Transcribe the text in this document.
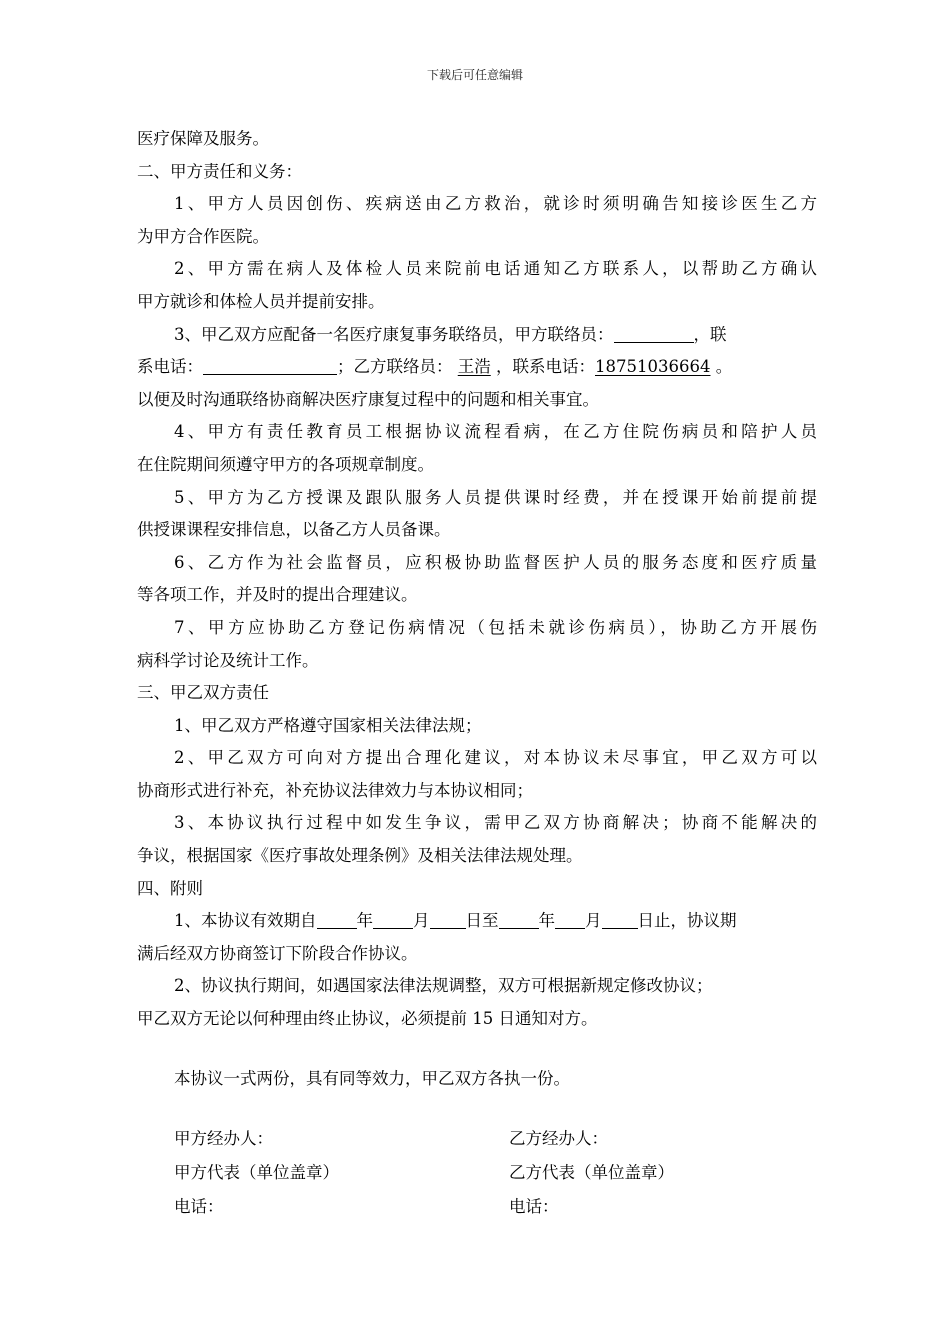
下载后可任意编辑
医疗保障及服务。
二、甲方责任和义务：
1、甲方人员因创伤、疾病送由乙方救治，就诊时须明确告知接诊医生乙方
为甲方合作医院。
2、甲方需在病人及体检人员来院前电话通知乙方联系人，以帮助乙方确认
甲方就诊和体检人员并提前安排。
3、甲乙双方应配备一名医疗康复事务联络员，甲方联络员：	，联
系电话：	；乙方联络员： 王浩 ，联系电话：18751036664 。
以便及时沟通联络协商解决医疗康复过程中的问题和相关事宜。
4、甲方有责任教育员工根据协议流程看病，在乙方住院伤病员和陪护人员
在住院期间须遵守甲方的各项规章制度。
5、甲方为乙方授课及跟队服务人员提供课时经费，并在授课开始前提前提
供授课课程安排信息，以备乙方人员备课。
6、乙方作为社会监督员，应积极协助监督医护人员的服务态度和医疗质量
等各项工作，并及时的提出合理建议。
7、甲方应协助乙方登记伤病情况（包括未就诊伤病员），协助乙方开展伤
病科学讨论及统计工作。
三、甲乙双方责任
1、甲乙双方严格遵守国家相关法律法规；
2、甲乙双方可向对方提出合理化建议，对本协议未尽事宜，甲乙双方可以
协商形式进行补充，补充协议法律效力与本协议相同；
3、本协议执行过程中如发生争议，需甲乙双方协商解决；协商不能解决的
争议，根据国家《医疗事故处理条例》及相关法律法规处理。
四、附则
1、本协议有效期自 年 月 日至 年 月 日止，协议期
满后经双方协商签订下阶段合作协议。
2、协议执行期间，如遇国家法律法规调整，双方可根据新规定修改协议；
甲乙双方无论以何种理由终止协议，必须提前 15 日通知对方。
本协议一式两份，具有同等效力，甲乙双方各执一份。
甲方经办人：	乙方经办人：
甲方代表（单位盖章）	乙方代表（单位盖章）
电话：	电话：
